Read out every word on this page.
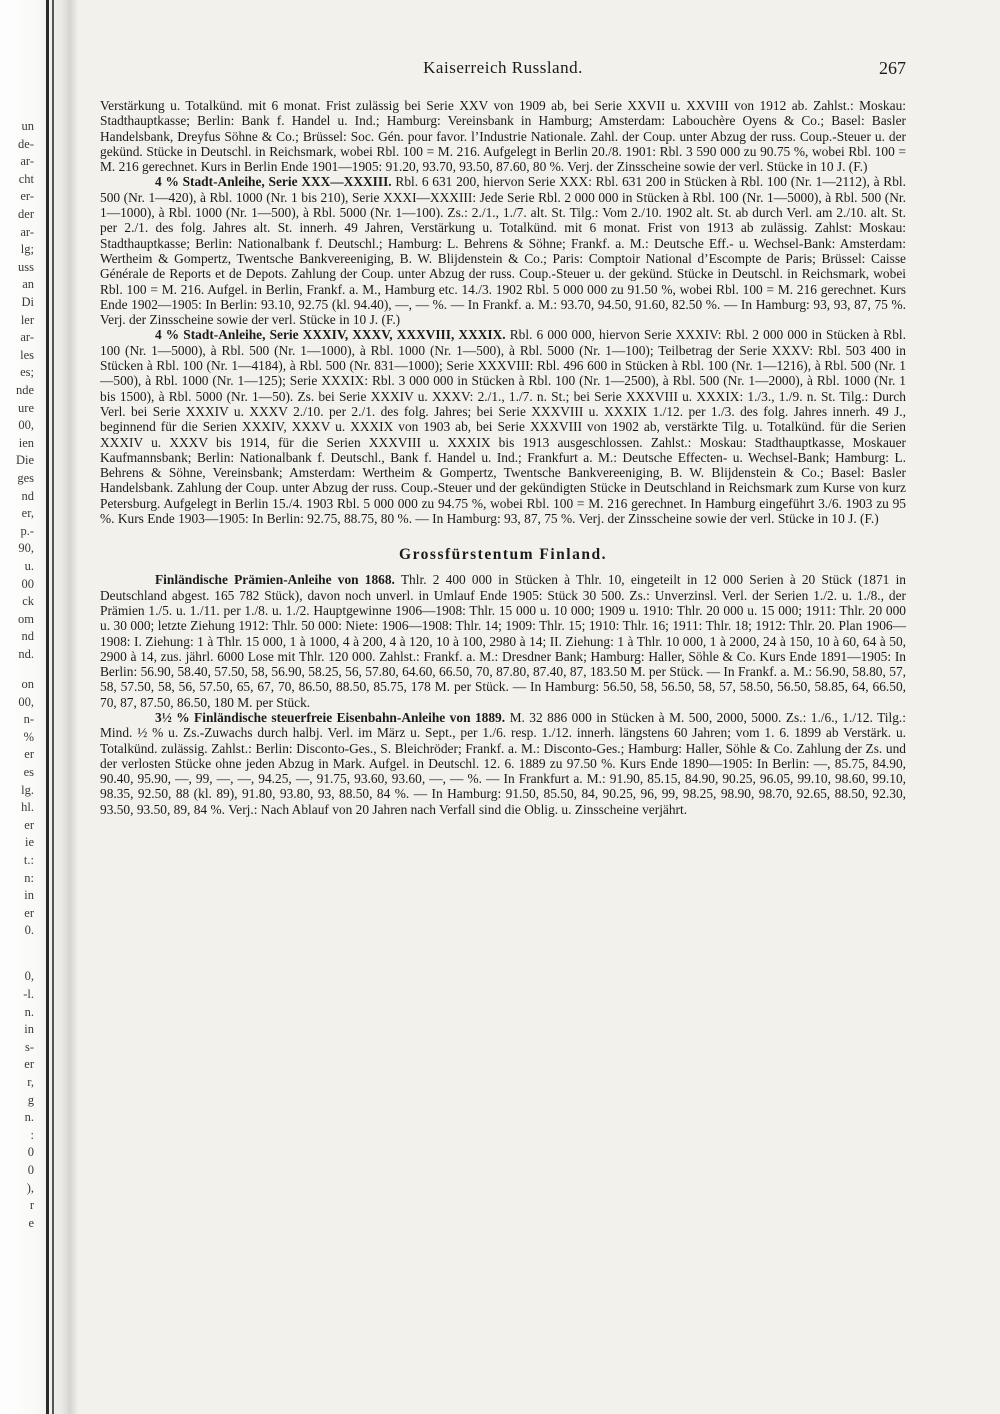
un
de-
ar-
cht
er-
der
ar-
lg;
uss
an
Di
ler
ar-
les
es;
nde
ure
00,
ien
Die
ges
nd
er,
p.-
90,
u.
00
ck
om
nd
nd.
on
00,
n-
%
er
es
lg.
hl.
er
ie
t.:
n:
in
er
0.
0,
-l.
n.
in
s-
er
r,
g
n.
:
0
0
),
r
e
Kaiserreich Russland.	267

Verstärkung u. Totalkünd. mit 6 monat. Frist zulässig bei Serie XXV von 1909 ab, bei Serie XXVII u. XXVIII von 1912 ab. Zahlst.: Moskau: Stadthauptkasse; Berlin: Bank f. Handel u. Ind.; Hamburg: Vereinsbank in Hamburg; Amsterdam: Labouchère Oyens & Co.; Basel: Basler Handelsbank, Dreyfus Söhne & Co.; Brüssel: Soc. Gén. pour favor. l’Industrie Nationale. Zahl. der Coup. unter Abzug der russ. Coup.-Steuer u. der gekünd. Stücke in Deutschl. in Reichsmark, wobei Rbl. 100 = M. 216. Aufgelegt in Berlin 20./8. 1901: Rbl. 3 590 000 zu 90.75 %, wobei Rbl. 100 = M. 216 gerechnet. Kurs in Berlin Ende 1901—1905: 91.20, 93.70, 93.50, 87.60, 80 %. Verj. der Zinsscheine sowie der verl. Stücke in 10 J. (F.)

4 % Stadt-Anleihe, Serie XXX—XXXIII. Rbl. 6 631 200, hiervon Serie XXX: Rbl. 631 200 in Stücken à Rbl. 100 (Nr. 1—2112), à Rbl. 500 (Nr. 1—420), à Rbl. 1000 (Nr. 1 bis 210), Serie XXXI—XXXIII: Jede Serie Rbl. 2 000 000 in Stücken à Rbl. 100 (Nr. 1—5000), à Rbl. 500 (Nr. 1—1000), à Rbl. 1000 (Nr. 1—500), à Rbl. 5000 (Nr. 1—100). Zs.: 2./1., 1./7. alt. St. Tilg.: Vom 2./10. 1902 alt. St. ab durch Verl. am 2./10. alt. St. per 2./1. des folg. Jahres alt. St. innerh. 49 Jahren, Verstärkung u. Totalkünd. mit 6 monat. Frist von 1913 ab zulässig. Zahlst: Moskau: Stadthauptkasse; Berlin: Nationalbank f. Deutschl.; Hamburg: L. Behrens & Söhne; Frankf. a. M.: Deutsche Eff.- u. Wechsel-Bank: Amsterdam: Wertheim & Gompertz, Twentsche Bankvereeniging, B. W. Blijdenstein & Co.; Paris: Comptoir National d’Escompte de Paris; Brüssel: Caisse Générale de Reports et de Depots. Zahlung der Coup. unter Abzug der russ. Coup.-Steuer u. der gekünd. Stücke in Deutschl. in Reichsmark, wobei Rbl. 100 = M. 216. Aufgel. in Berlin, Frankf. a. M., Hamburg etc. 14./3. 1902 Rbl. 5 000 000 zu 91.50 %, wobei Rbl. 100 = M. 216 gerechnet. Kurs Ende 1902—1905: In Berlin: 93.10, 92.75 (kl. 94.40), —, — %. — In Frankf. a. M.: 93.70, 94.50, 91.60, 82.50 %. — In Hamburg: 93, 93, 87, 75 %. Verj. der Zinsscheine sowie der verl. Stücke in 10 J. (F.)

4 % Stadt-Anleihe, Serie XXXIV, XXXV, XXXVIII, XXXIX. Rbl. 6 000 000, hiervon Serie XXXIV: Rbl. 2 000 000 in Stücken à Rbl. 100 (Nr. 1—5000), à Rbl. 500 (Nr. 1—1000), à Rbl. 1000 (Nr. 1—500), à Rbl. 5000 (Nr. 1—100); Teilbetrag der Serie XXXV: Rbl. 503 400 in Stücken à Rbl. 100 (Nr. 1—4184), à Rbl. 500 (Nr. 831—1000); Serie XXXVIII: Rbl. 496 600 in Stücken à Rbl. 100 (Nr. 1—1216), à Rbl. 500 (Nr. 1—500), à Rbl. 1000 (Nr. 1—125); Serie XXXIX: Rbl. 3 000 000 in Stücken à Rbl. 100 (Nr. 1—2500), à Rbl. 500 (Nr. 1—2000), à Rbl. 1000 (Nr. 1 bis 1500), à Rbl. 5000 (Nr. 1—50). Zs. bei Serie XXXIV u. XXXV: 2./1., 1./7. n. St.; bei Serie XXXVIII u. XXXIX: 1./3., 1./9. n. St. Tilg.: Durch Verl. bei Serie XXXIV u. XXXV 2./10. per 2./1. des folg. Jahres; bei Serie XXXVIII u. XXXIX 1./12. per 1./3. des folg. Jahres innerh. 49 J., beginnend für die Serien XXXIV, XXXV u. XXXIX von 1903 ab, bei Serie XXXVIII von 1902 ab, verstärkte Tilg. u. Totalkünd. für die Serien XXXIV u. XXXV bis 1914, für die Serien XXXVIII u. XXXIX bis 1913 ausgeschlossen. Zahlst.: Moskau: Stadthauptkasse, Moskauer Kaufmannsbank; Berlin: Nationalbank f. Deutschl., Bank f. Handel u. Ind.; Frankfurt a. M.: Deutsche Effecten- u. Wechsel-Bank; Hamburg: L. Behrens & Söhne, Vereinsbank; Amsterdam: Wertheim & Gompertz, Twentsche Bankvereeniging, B. W. Blijdenstein & Co.; Basel: Basler Handelsbank. Zahlung der Coup. unter Abzug der russ. Coup.-Steuer und der gekündigten Stücke in Deutschland in Reichsmark zum Kurse von kurz Petersburg. Aufgelegt in Berlin 15./4. 1903 Rbl. 5 000 000 zu 94.75 %, wobei Rbl. 100 = M. 216 gerechnet. In Hamburg eingeführt 3./6. 1903 zu 95 %. Kurs Ende 1903—1905: In Berlin: 92.75, 88.75, 80 %. — In Hamburg: 93, 87, 75 %. Verj. der Zinsscheine sowie der verl. Stücke in 10 J. (F.)

Grossfürstentum Finland.

Finländische Prämien-Anleihe von 1868. Thlr. 2 400 000 in Stücken à Thlr. 10, eingeteilt in 12 000 Serien à 20 Stück (1871 in Deutschland abgest. 165 782 Stück), davon noch unverl. in Umlauf Ende 1905: Stück 30 500. Zs.: Unverzinsl. Verl. der Serien 1./2. u. 1./8., der Prämien 1./5. u. 1./11. per 1./8. u. 1./2. Hauptgewinne 1906—1908: Thlr. 15 000 u. 10 000; 1909 u. 1910: Thlr. 20 000 u. 15 000; 1911: Thlr. 20 000 u. 30 000; letzte Ziehung 1912: Thlr. 50 000: Niete: 1906—1908: Thlr. 14; 1909: Thlr. 15; 1910: Thlr. 16; 1911: Thlr. 18; 1912: Thlr. 20. Plan 1906—1908: I. Ziehung: 1 à Thlr. 15 000, 1 à 1000, 4 à 200, 4 à 120, 10 à 100, 2980 à 14; II. Ziehung: 1 à Thlr. 10 000, 1 à 2000, 24 à 150, 10 à 60, 64 à 50, 2900 à 14, zus. jährl. 6000 Lose mit Thlr. 120 000. Zahlst.: Frankf. a. M.: Dresdner Bank; Hamburg: Haller, Söhle & Co. Kurs Ende 1891—1905: In Berlin: 56.90, 58.40, 57.50, 58, 56.90, 58.25, 56, 57.80, 64.60, 66.50, 70, 87.80, 87.40, 87, 183.50 M. per Stück. — In Frankf. a. M.: 56.90, 58.80, 57, 58, 57.50, 58, 56, 57.50, 65, 67, 70, 86.50, 88.50, 85.75, 178 M. per Stück. — In Hamburg: 56.50, 58, 56.50, 58, 57, 58.50, 56.50, 58.85, 64, 66.50, 70, 87, 87.50, 86.50, 180 M. per Stück.

3½ % Finländische steuerfreie Eisenbahn-Anleihe von 1889. M. 32 886 000 in Stücken à M. 500, 2000, 5000. Zs.: 1./6., 1./12. Tilg.: Mind. ½ % u. Zs.-Zuwachs durch halbj. Verl. im März u. Sept., per 1./6. resp. 1./12. innerh. längstens 60 Jahren; vom 1. 6. 1899 ab Verstärk. u. Totalkünd. zulässig. Zahlst.: Berlin: Disconto-Ges., S. Bleichröder; Frankf. a. M.: Disconto-Ges.; Hamburg: Haller, Söhle & Co. Zahlung der Zs. und der verlosten Stücke ohne jeden Abzug in Mark. Aufgel. in Deutschl. 12. 6. 1889 zu 97.50 %. Kurs Ende 1890—1905: In Berlin: —, 85.75, 84.90, 90.40, 95.90, —, 99, —, —, 94.25, —, 91.75, 93.60, 93.60, —, — %. — In Frankfurt a. M.: 91.90, 85.15, 84.90, 90.25, 96.05, 99.10, 98.60, 99.10, 98.35, 92.50, 88 (kl. 89), 91.80, 93.80, 93, 88.50, 84 %. — In Hamburg: 91.50, 85.50, 84, 90.25, 96, 99, 98.25, 98.90, 98.70, 92.65, 88.50, 92.30, 93.50, 93.50, 89, 84 %. Verj.: Nach Ablauf von 20 Jahren nach Verfall sind die Oblig. u. Zinsscheine verjährt.
